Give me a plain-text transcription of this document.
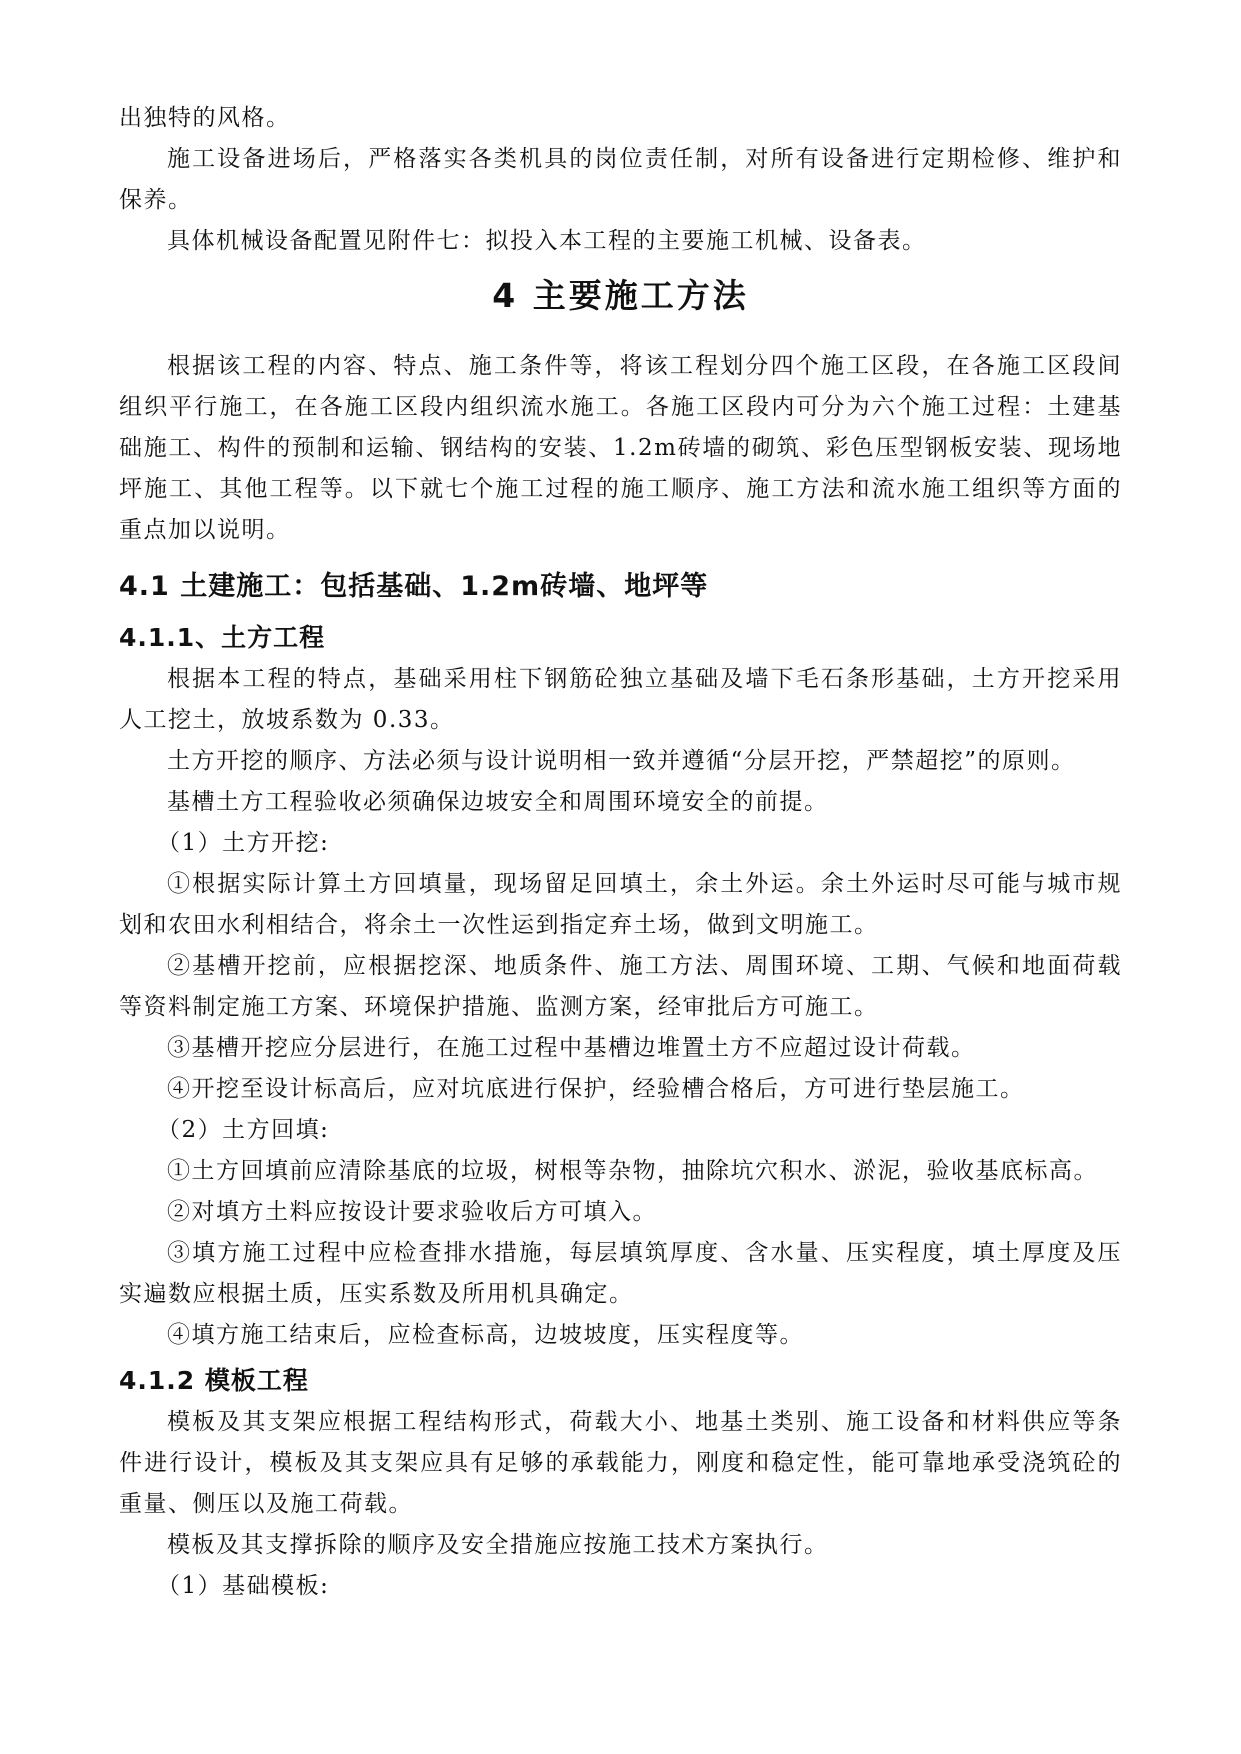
出独特的风格。

施工设备进场后，严格落实各类机具的岗位责任制，对所有设备进行定期检修、维护和保养。

具体机械设备配置见附件七：拟投入本工程的主要施工机械、设备表。

4 主要施工方法

根据该工程的内容、特点、施工条件等，将该工程划分四个施工区段，在各施工区段间组织平行施工，在各施工区段内组织流水施工。各施工区段内可分为六个施工过程：土建基础施工、构件的预制和运输、钢结构的安装、1.2m砖墙的砌筑、彩色压型钢板安装、现场地坪施工、其他工程等。以下就七个施工过程的施工顺序、施工方法和流水施工组织等方面的重点加以说明。

4.1 土建施工：包括基础、1.2m砖墙、地坪等
4.1.1、土方工程

根据本工程的特点，基础采用柱下钢筋砼独立基础及墙下毛石条形基础，土方开挖采用人工挖土，放坡系数为 0.33。

土方开挖的顺序、方法必须与设计说明相一致并遵循“分层开挖，严禁超挖”的原则。

基槽土方工程验收必须确保边坡安全和周围环境安全的前提。

（1）土方开挖:

①根据实际计算土方回填量，现场留足回填土，余土外运。余土外运时尽可能与城市规划和农田水利相结合，将余土一次性运到指定弃土场，做到文明施工。

②基槽开挖前，应根据挖深、地质条件、施工方法、周围环境、工期、气候和地面荷载等资料制定施工方案、环境保护措施、监测方案，经审批后方可施工。

③基槽开挖应分层进行，在施工过程中基槽边堆置土方不应超过设计荷载。

④开挖至设计标高后，应对坑底进行保护，经验槽合格后，方可进行垫层施工。

（2）土方回填:

①土方回填前应清除基底的垃圾，树根等杂物，抽除坑穴积水、淤泥，验收基底标高。

②对填方土料应按设计要求验收后方可填入。

③填方施工过程中应检查排水措施，每层填筑厚度、含水量、压实程度，填土厚度及压实遍数应根据土质，压实系数及所用机具确定。

④填方施工结束后，应检查标高，边坡坡度，压实程度等。

4.1.2 模板工程

模板及其支架应根据工程结构形式，荷载大小、地基土类别、施工设备和材料供应等条件进行设计，模板及其支架应具有足够的承载能力，刚度和稳定性，能可靠地承受浇筑砼的重量、侧压以及施工荷载。

模板及其支撑拆除的顺序及安全措施应按施工技术方案执行。

（1）基础模板:
